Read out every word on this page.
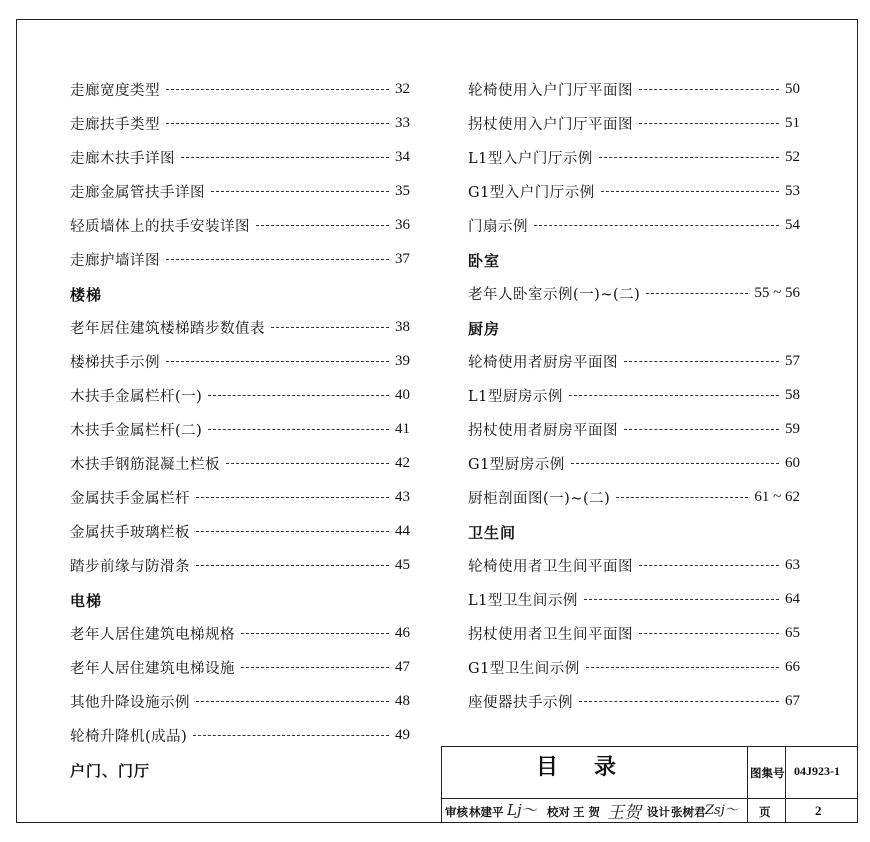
走廊宽度类型	32
走廊扶手类型	33
走廊木扶手详图	34
走廊金属管扶手详图	35
轻质墙体上的扶手安装详图	36
走廊护墙详图	37
楼梯
老年居住建筑楼梯踏步数值表	38
楼梯扶手示例	39
木扶手金属栏杆(一)	40
木扶手金属栏杆(二)	41
木扶手钢筋混凝土栏板	42
金属扶手金属栏杆	43
金属扶手玻璃栏板	44
踏步前缘与防滑条	45
电梯
老年人居住建筑电梯规格	46
老年人居住建筑电梯设施	47
其他升降设施示例	48
轮椅升降机(成品)	49
户门、门厅
轮椅使用入户门厅平面图	50
拐杖使用入户门厅平面图	51
L1型入户门厅示例	52
G1型入户门厅示例	53
门扇示例	54
卧室
老年人卧室示例(一)~(二)	55 ~ 56
厨房
轮椅使用者厨房平面图	57
L1型厨房示例	58
拐杖使用者厨房平面图	59
G1型厨房示例	60
厨柜剖面图(一)~(二)	61 ~ 62
卫生间
轮椅使用者卫生间平面图	63
L1型卫生间示例	64
拐杖使用者卫生间平面图	65
G1型卫生间示例	66
座便器扶手示例	67
目录	图集号 04J923-1
审核 林建平 Lj〜 校对 王 贺 王贺 设计 张树君 Zsj〜 页	2
